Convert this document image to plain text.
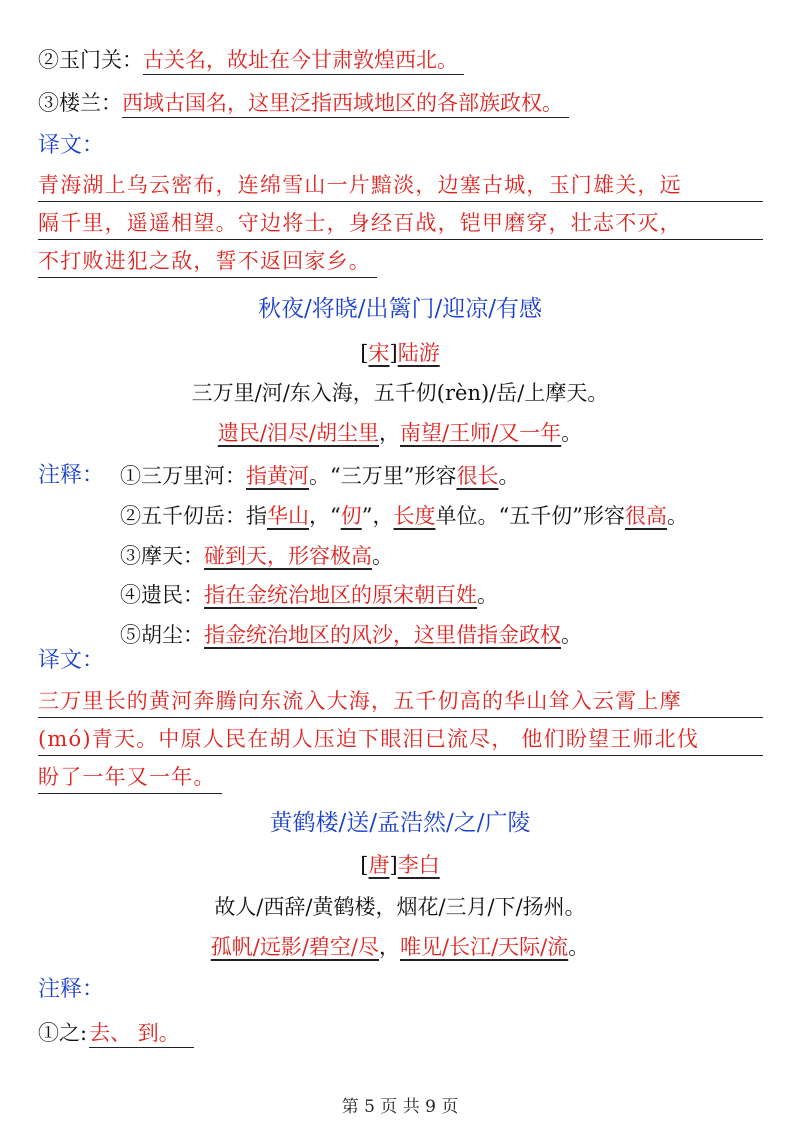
②玉门关：古关名，故址在今甘肃敦煌西北。
③楼兰：西域古国名，这里泛指西域地区的各部族政权。
译文：
青海湖上乌云密布，连绵雪山一片黯淡，边塞古城，玉门雄关，远
隔千里，遥遥相望。守边将士，身经百战，铠甲磨穿，壮志不灭，
不打败进犯之敌，誓不返回家乡。
秋夜/将晓/出篱门/迎凉/有感
[宋]陆游
三万里/河/东入海，五千仞(rèn)/岳/上摩天。
遗民/泪尽/胡尘里，南望/王师/又一年。
注释： ①三万里河：指黄河。“三万里”形容很长。
②五千仞岳：指华山，“仞”，长度单位。“五千仞”形容很高。
③摩天：碰到天，形容极高。
④遗民：指在金统治地区的原宋朝百姓。
⑤胡尘：指金统治地区的风沙，这里借指金政权。
译文：
三万里长的黄河奔腾向东流入大海，五千仞高的华山耸入云霄上摩
(mó)青天。中原人民在胡人压迫下眼泪已流尽， 他们盼望王师北伐
盼了一年又一年。
黄鹤楼/送/孟浩然/之/广陵
[唐]李白
故人/西辞/黄鹤楼，烟花/三月/下/扬州。
孤帆/远影/碧空/尽，唯见/长江/天际/流。
注释：
①之:去、 到。
第 5 页 共 9 页
